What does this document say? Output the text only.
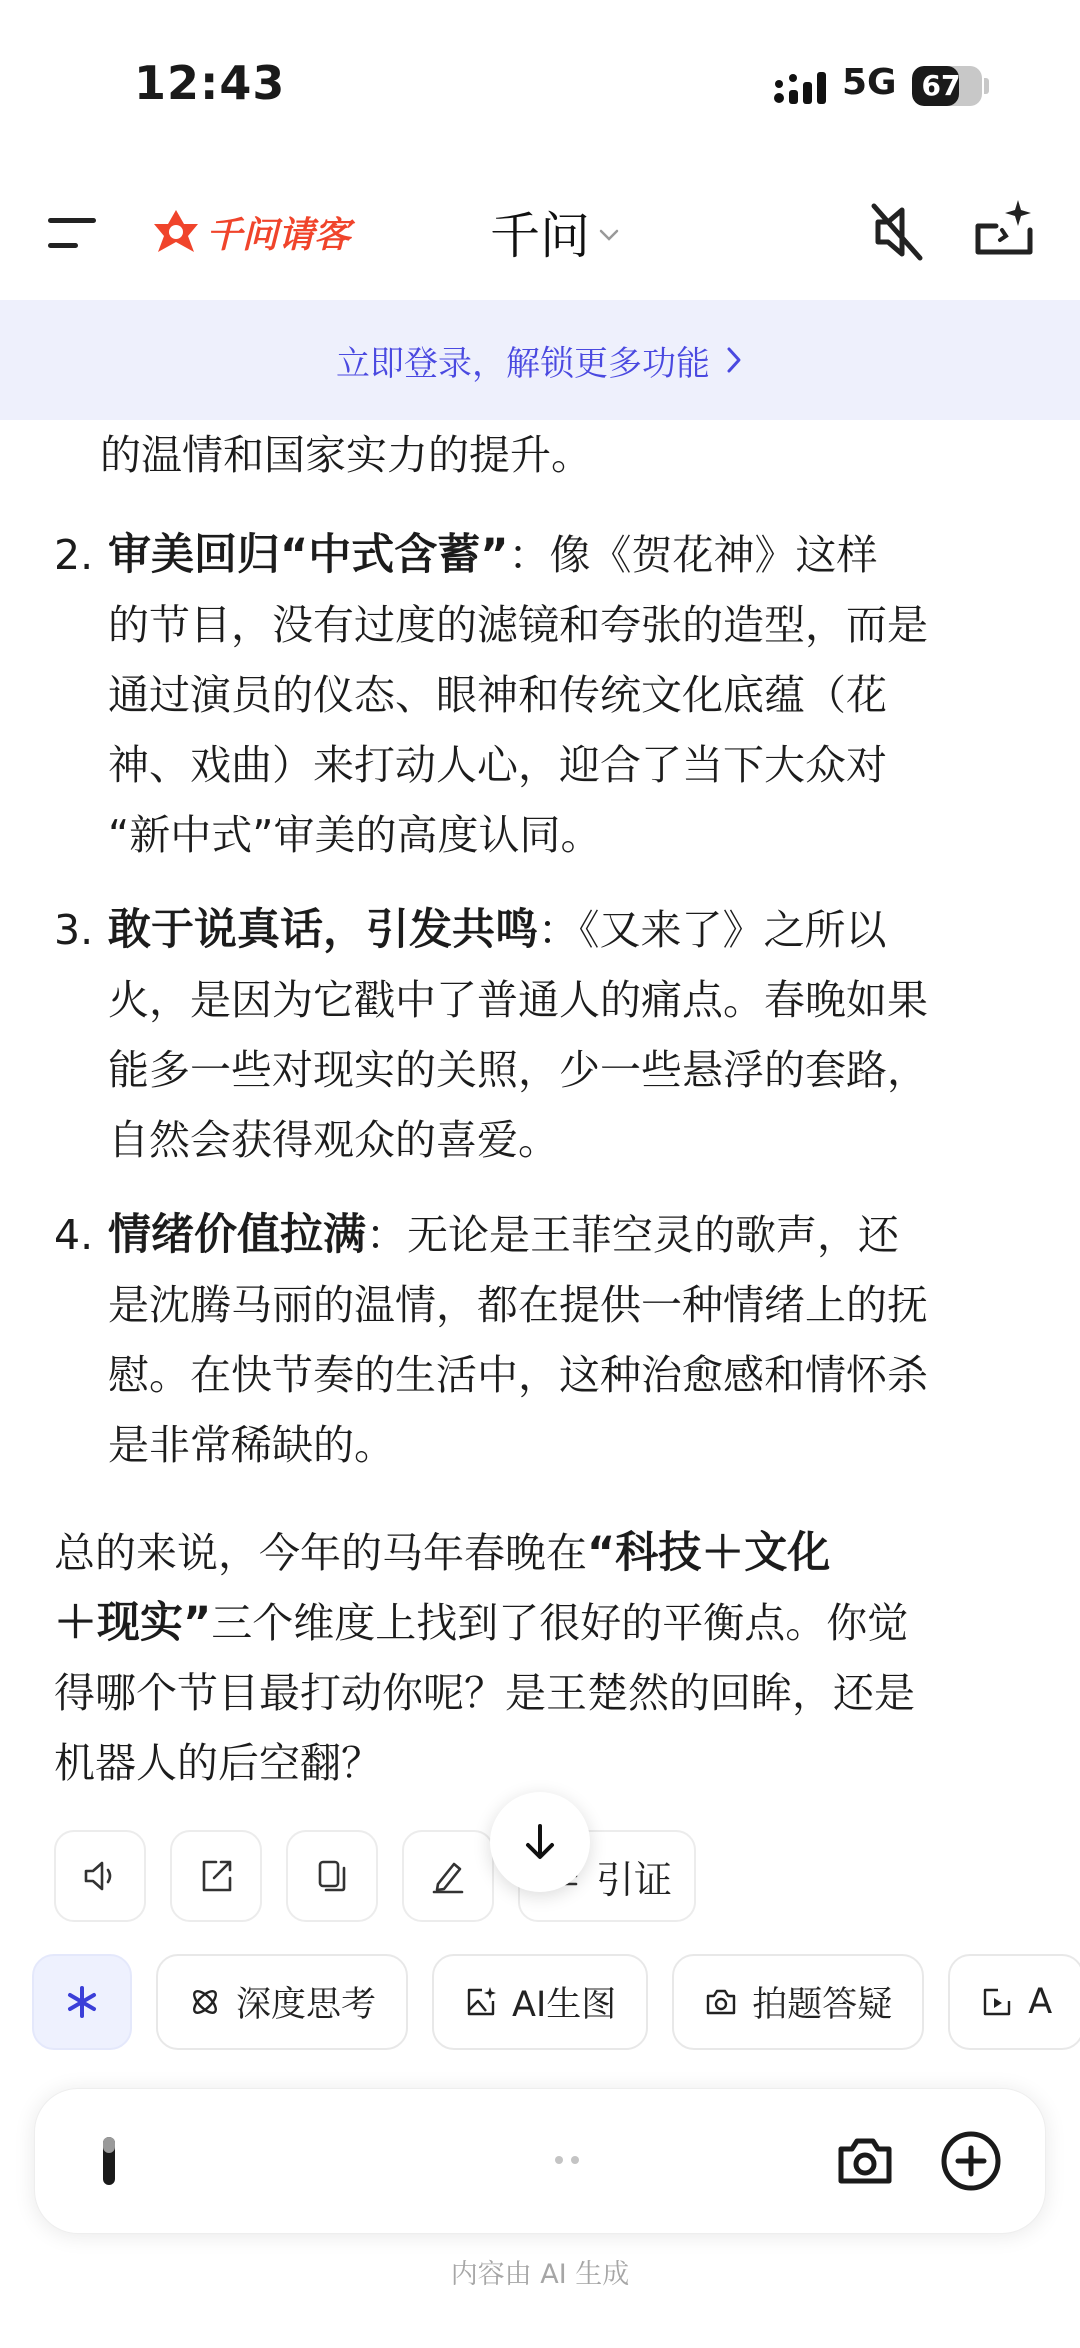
12:43	5G 67
千问请客	千问
立即登录，解锁更多功能
的温情和国家实力的提升。
2. 审美回归“中式含蓄”：像《贺花神》这样
的节目，没有过度的滤镜和夸张的造型，而是
通过演员的仪态、眼神和传统文化底蕴（花
神、戏曲）来打动人心，迎合了当下大众对
“新中式”审美的高度认同。
3. 敢于说真话，引发共鸣：《又来了》之所以
火，是因为它戳中了普通人的痛点。春晚如果
能多一些对现实的关照，少一些悬浮的套路，
自然会获得观众的喜爱。
4. 情绪价值拉满：无论是王菲空灵的歌声，还
是沈腾马丽的温情，都在提供一种情绪上的抚
慰。在快节奏的生活中，这种治愈感和情怀杀
是非常稀缺的。
总的来说，今年的马年春晚在“科技＋文化
＋现实”三个维度上找到了很好的平衡点。你觉
得哪个节目最打动你呢？是王楚然的回眸，还是
机器人的后空翻？
引证
深度思考	AI生图	拍题答疑	A
内容由 AI 生成
